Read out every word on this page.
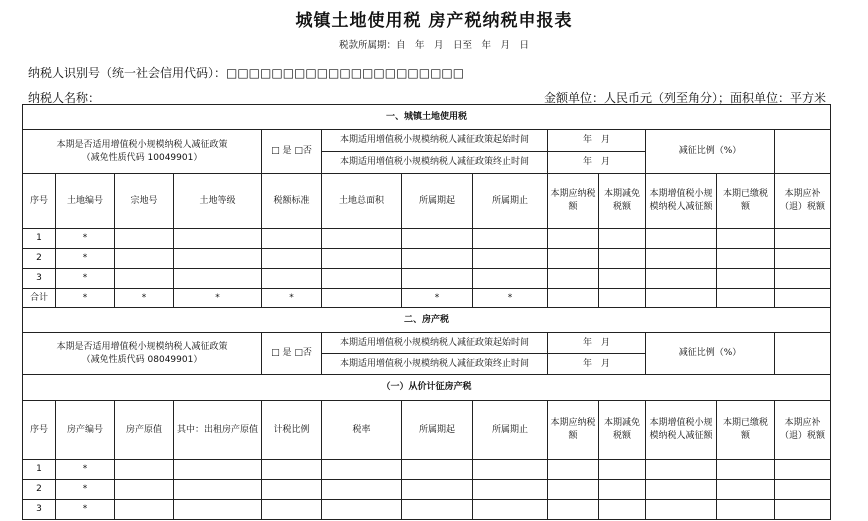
城镇土地使用税 房产税纳税申报表
税款所属期：自　年　月　日至　年　月　日
纳税人识别号（统一社会信用代码）：□□□□□□□□□□□□□□□□□□□□□
纳税人名称：	金额单位：人民币元（列至角分）；面积单位：平方米
一、城镇土地使用税												
本期是否适用增值税小规模纳税人减征政策
（减免性质代码 10049901）				□ 是 □否	本期适用增值税小规模纳税人减征政策起始时间			年　月		减征比例（%）		
					本期适用增值税小规模纳税人减征政策终止时间			年　月				
序号	土地编号	宗地号	土地等级	税额标准	土地总面积	所属期起	所属期止	本期应纳税额	本期减免税额	本期增值税小规模纳税人减征额	本期已缴税额	本期应补（退）税额
1	*											
2	*											
3	*											
合计	*	*	*	*		*	*					
二、房产税												
本期是否适用增值税小规模纳税人减征政策
（减免性质代码 08049901）				□ 是 □否	本期适用增值税小规模纳税人减征政策起始时间			年　月		减征比例（%）		
					本期适用增值税小规模纳税人减征政策终止时间			年　月				
（一）从价计征房产税												
序号	房产编号	房产原值	其中：出租房产原值	计税比例	税率	所属期起	所属期止	本期应纳税额	本期减免税额	本期增值税小规模纳税人减征额	本期已缴税额	本期应补（退）税额
1	*											
2	*											
3	*											
